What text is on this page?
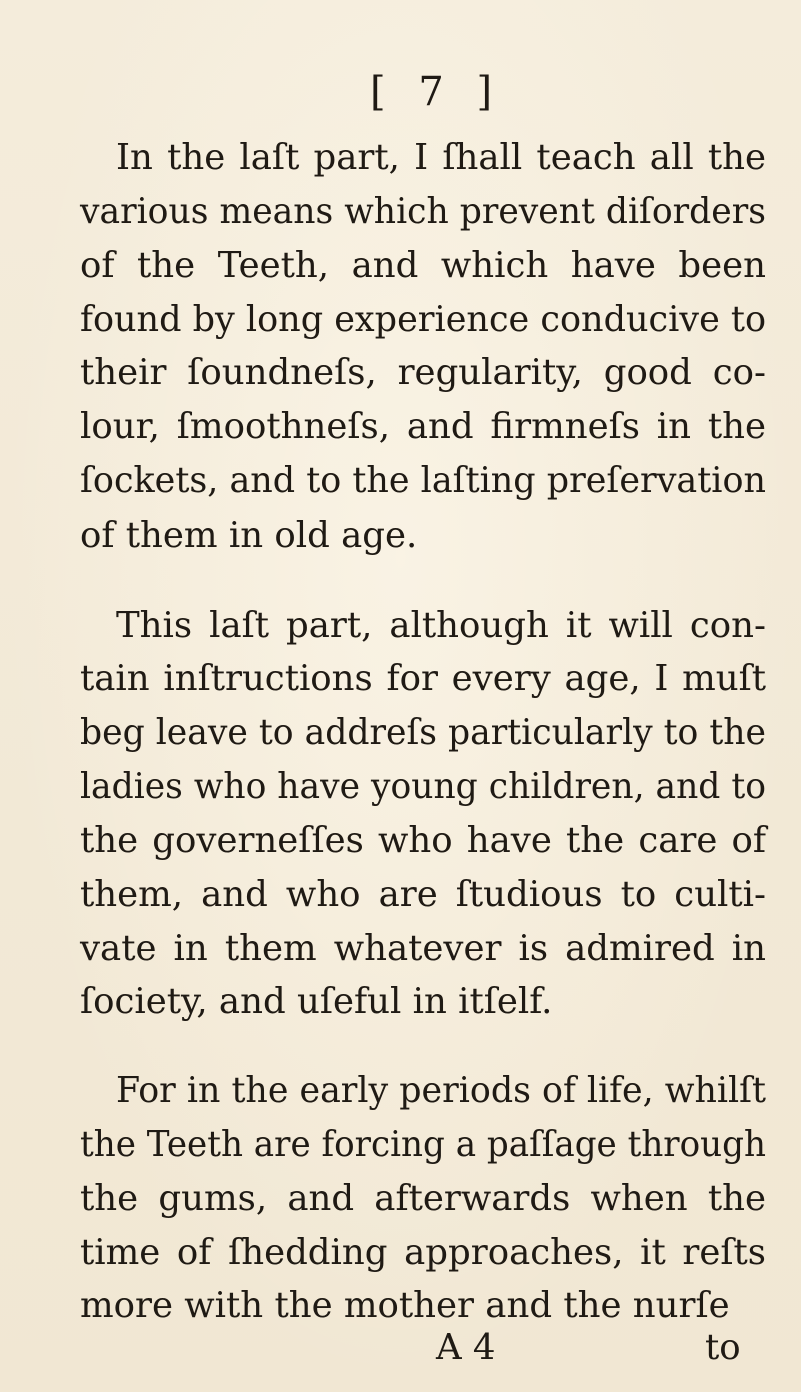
[ 7 ]
In the laſt part, I ſhall teach all the
various means which prevent diſorders
of the Teeth, and which have been
found by long experience conducive to
their ſoundneſs, regularity, good co-
lour, ſmoothneſs, and firmneſs in the
ſockets, and to the laſting preſervation
of them in old age.
This laſt part, although it will con-
tain inſtructions for every age, I muſt
beg leave to addreſs particularly to the
ladies who have young children, and to
the governeſſes who have the care of
them, and who are ſtudious to culti-
vate in them whatever is admired in
ſociety, and uſeful in itſelf.
For in the early periods of life, whilſt
the Teeth are forcing a paſſage through
the gums, and afterwards when the
time of ſhedding approaches, it reſts
more with the mother and the nurſe
A 4	to
